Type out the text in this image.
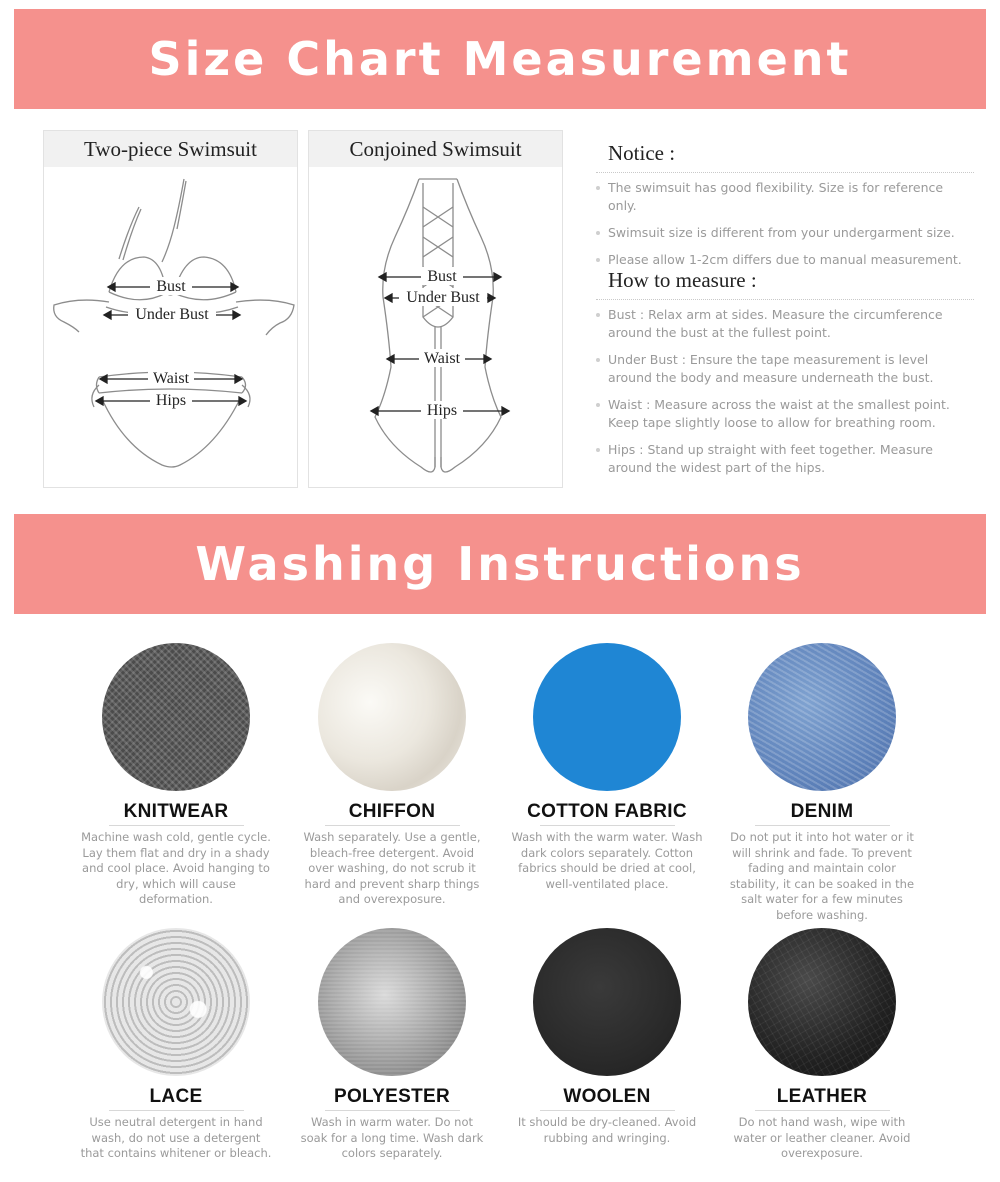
Size Chart Measurement
Two-piece Swimsuit
Bust
Under Bust
Waist
Hips
Conjoined Swimsuit
Bust
Under Bust
Waist
Hips
Notice :
The swimsuit has good flexibility. Size is for reference only.
Swimsuit size is different from your undergarment size.
Please allow 1-2cm differs due to manual measurement.
How to measure :
Bust : Relax arm at sides. Measure the circumference around the bust at the fullest point.
Under Bust : Ensure the tape measurement is level around the body and measure underneath the bust.
Waist : Measure across the waist at the smallest point. Keep tape slightly loose to allow for breathing room.
Hips : Stand up straight with feet together. Measure around the widest part of the hips.
Washing Instructions
KNITWEAR
Machine wash cold, gentle cycle. Lay them flat and dry in a shady and cool place. Avoid hanging to dry, which will cause deformation.
CHIFFON
Wash separately. Use a gentle, bleach-free detergent. Avoid over washing, do not scrub it hard and prevent sharp things and overexposure.
COTTON FABRIC
Wash with the warm water. Wash dark colors separately. Cotton fabrics should be dried at cool, well-ventilated place.
DENIM
Do not put it into hot water or it will shrink and fade. To prevent fading and maintain color stability, it can be soaked in the salt water for a few minutes before washing.
LACE
Use neutral detergent in hand wash, do not use a detergent that contains whitener or bleach.
POLYESTER
Wash in warm water. Do not soak for a long time. Wash dark colors separately.
WOOLEN
It should be dry-cleaned. Avoid rubbing and wringing.
LEATHER
Do not hand wash, wipe with water or leather cleaner. Avoid overexposure.
